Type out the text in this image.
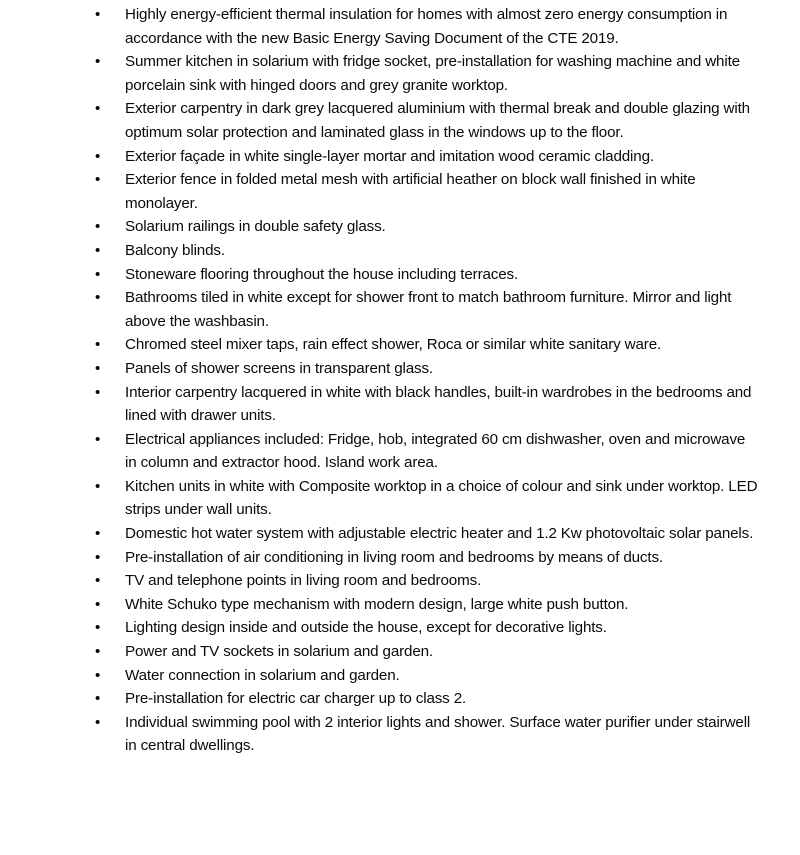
•	Highly energy-efficient thermal insulation for homes with almost zero energy consumption in accordance with the new Basic Energy Saving Document of the CTE 2019.
•	Summer kitchen in solarium with fridge socket, pre-installation for washing machine and white porcelain sink with hinged doors and grey granite worktop.
•	Exterior carpentry in dark grey lacquered aluminium with thermal break and double glazing with optimum solar protection and laminated glass in the windows up to the floor.
•	Exterior façade in white single-layer mortar and imitation wood ceramic cladding.
•	Exterior fence in folded metal mesh with artificial heather on block wall finished in white monolayer.
•	Solarium railings in double safety glass.
•	Balcony blinds.
•	Stoneware flooring throughout the house including terraces.
•	Bathrooms tiled in white except for shower front to match bathroom furniture. Mirror and light above the washbasin.
•	Chromed steel mixer taps, rain effect shower, Roca or similar white sanitary ware.
•	Panels of shower screens in transparent glass.
•	Interior carpentry lacquered in white with black handles, built-in wardrobes in the bedrooms and lined with drawer units.
•	Electrical appliances included: Fridge, hob, integrated 60 cm dishwasher, oven and microwave in column and extractor hood. Island work area.
•	Kitchen units in white with Composite worktop in a choice of colour and sink under worktop. LED strips under wall units.
•	Domestic hot water system with adjustable electric heater and 1.2 Kw photovoltaic solar panels.
•	Pre-installation of air conditioning in living room and bedrooms by means of ducts.
•	TV and telephone points in living room and bedrooms.
•	White Schuko type mechanism with modern design, large white push button.
•	Lighting design inside and outside the house, except for decorative lights.
•	Power and TV sockets in solarium and garden.
•	Water connection in solarium and garden.
•	Pre-installation for electric car charger up to class 2.
•	Individual swimming pool with 2 interior lights and shower. Surface water purifier under stairwell in central dwellings.
